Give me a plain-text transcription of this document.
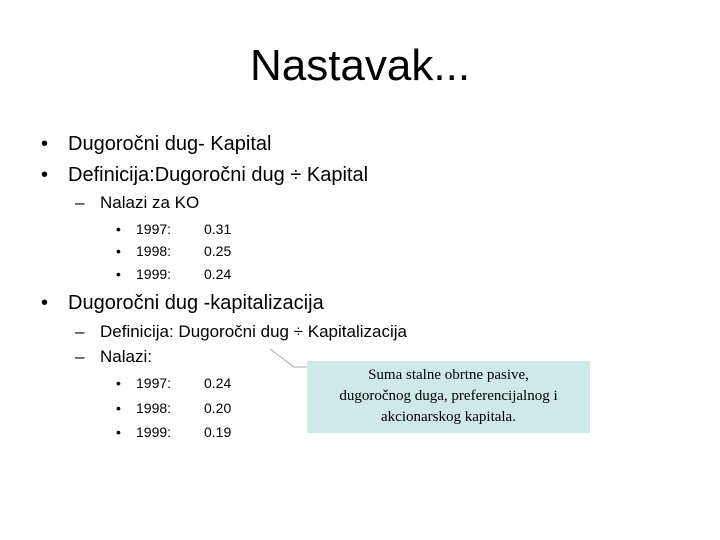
Nastavak...
• Dugoročni dug- Kapital
• Definicija:Dugoročni dug ÷ Kapital
– Nalazi za KO
• 1997: 0.31
• 1998: 0.25
• 1999: 0.24
• Dugoročni dug -kapitalizacija
– Definicija: Dugoročni dug ÷ Kapitalizacija
– Nalazi:
• 1997: 0.24
• 1998: 0.20
• 1999: 0.19
Suma stalne obrtne pasive,
dugoročnog duga, preferencijalnog i
akcionarskog kapitala.
